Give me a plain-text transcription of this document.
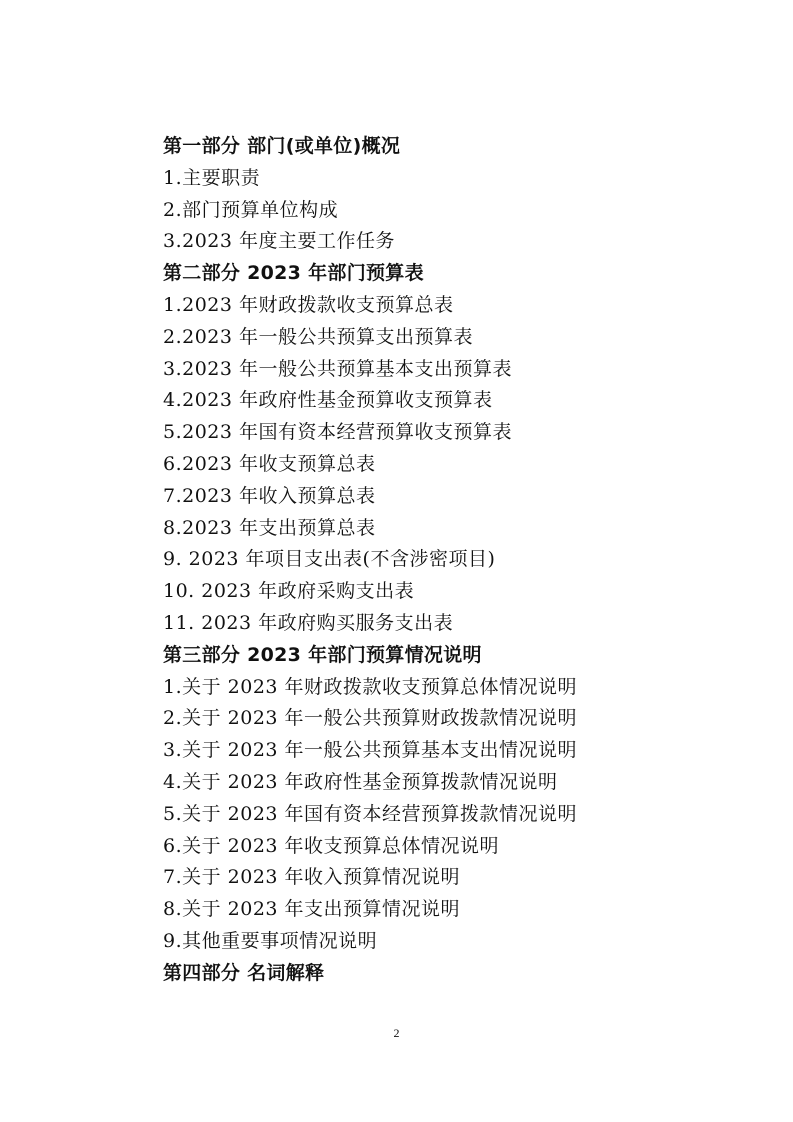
第一部分 部门(或单位)概况
1.主要职责
2.部门预算单位构成
3.2023 年度主要工作任务
第二部分 2023 年部门预算表
1.2023 年财政拨款收支预算总表
2.2023 年一般公共预算支出预算表
3.2023 年一般公共预算基本支出预算表
4.2023 年政府性基金预算收支预算表
5.2023 年国有资本经营预算收支预算表
6.2023 年收支预算总表
7.2023 年收入预算总表
8.2023 年支出预算总表
9. 2023 年项目支出表(不含涉密项目)
10. 2023 年政府采购支出表
11. 2023 年政府购买服务支出表
第三部分 2023 年部门预算情况说明
1.关于 2023 年财政拨款收支预算总体情况说明
2.关于 2023 年一般公共预算财政拨款情况说明
3.关于 2023 年一般公共预算基本支出情况说明
4.关于 2023 年政府性基金预算拨款情况说明
5.关于 2023 年国有资本经营预算拨款情况说明
6.关于 2023 年收支预算总体情况说明
7.关于 2023 年收入预算情况说明
8.关于 2023 年支出预算情况说明
9.其他重要事项情况说明
第四部分 名词解释
2
